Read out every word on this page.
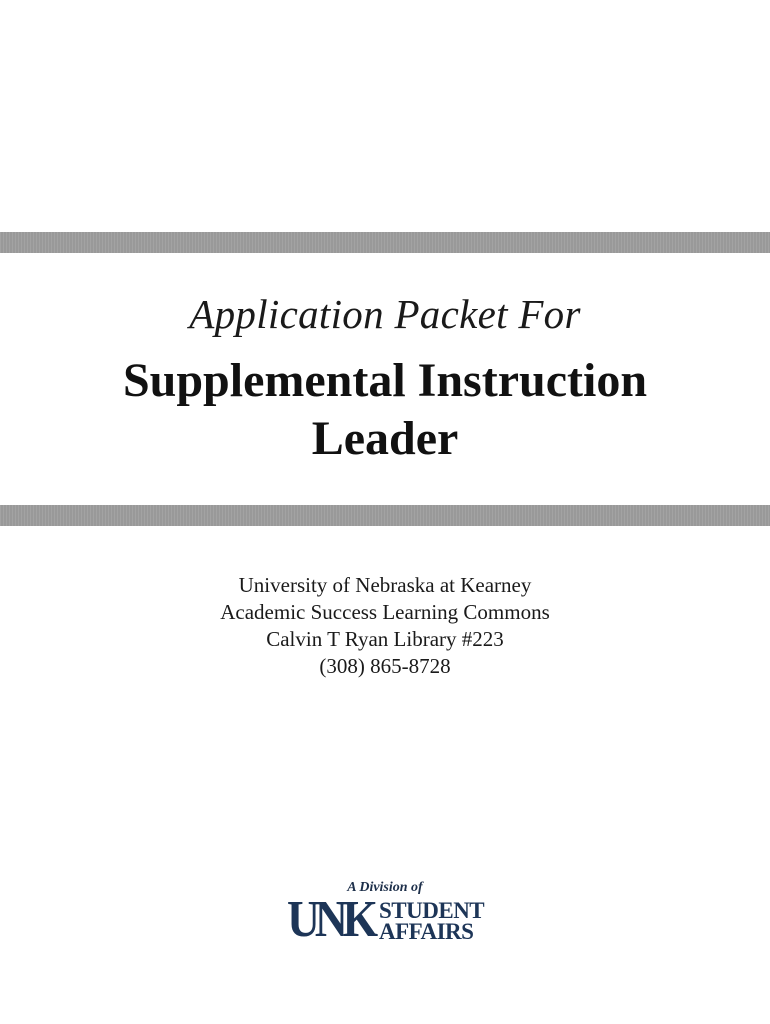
Application Packet For
Supplemental Instruction
Leader
University of Nebraska at Kearney
Academic Success Learning Commons
Calvin T Ryan Library #223
(308) 865-8728
A Division of
UNK STUDENT
AFFAIRS
